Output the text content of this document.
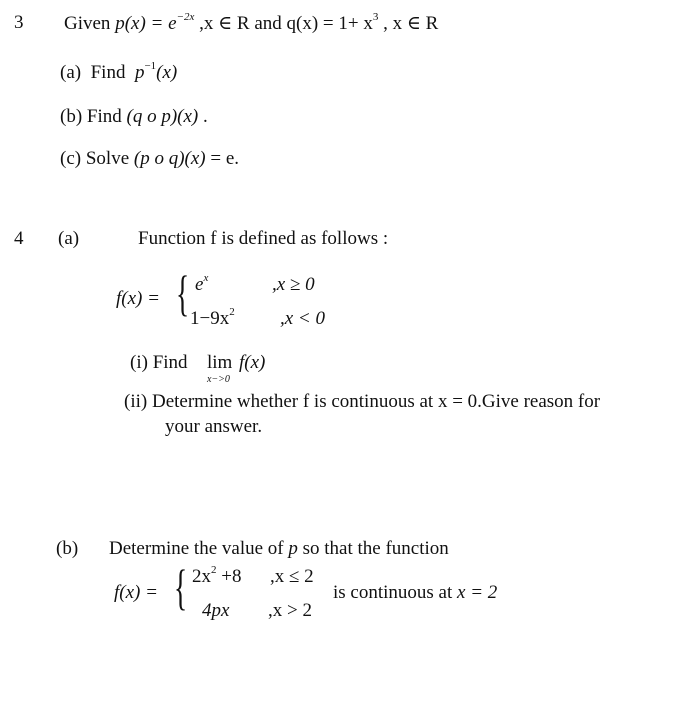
3 Given $p(x) = e^{-2x}$ ,x ∈ R and $q(x) = 1+ x^3$ , x ∈ R
(a) Find $p^{-1}(x)$
(b) Find (q o p)(x) .
(c) Solve (p o q)(x) = e.
4 (a)	Function f is defined as follows :
f(x) = { $e^x$	,x ≥ 0
$1-9x^2$ ,x < 0
(i) Find lim
x−>0
f(x)
(ii) Determine whether f is continuous at x = 0.Give reason for
your answer.
(b) Determine the value of p so that the function
f(x) = { $2x^2 +8$ ,x ≤ 2
4px ,x > 2
is continuous at x = 2
